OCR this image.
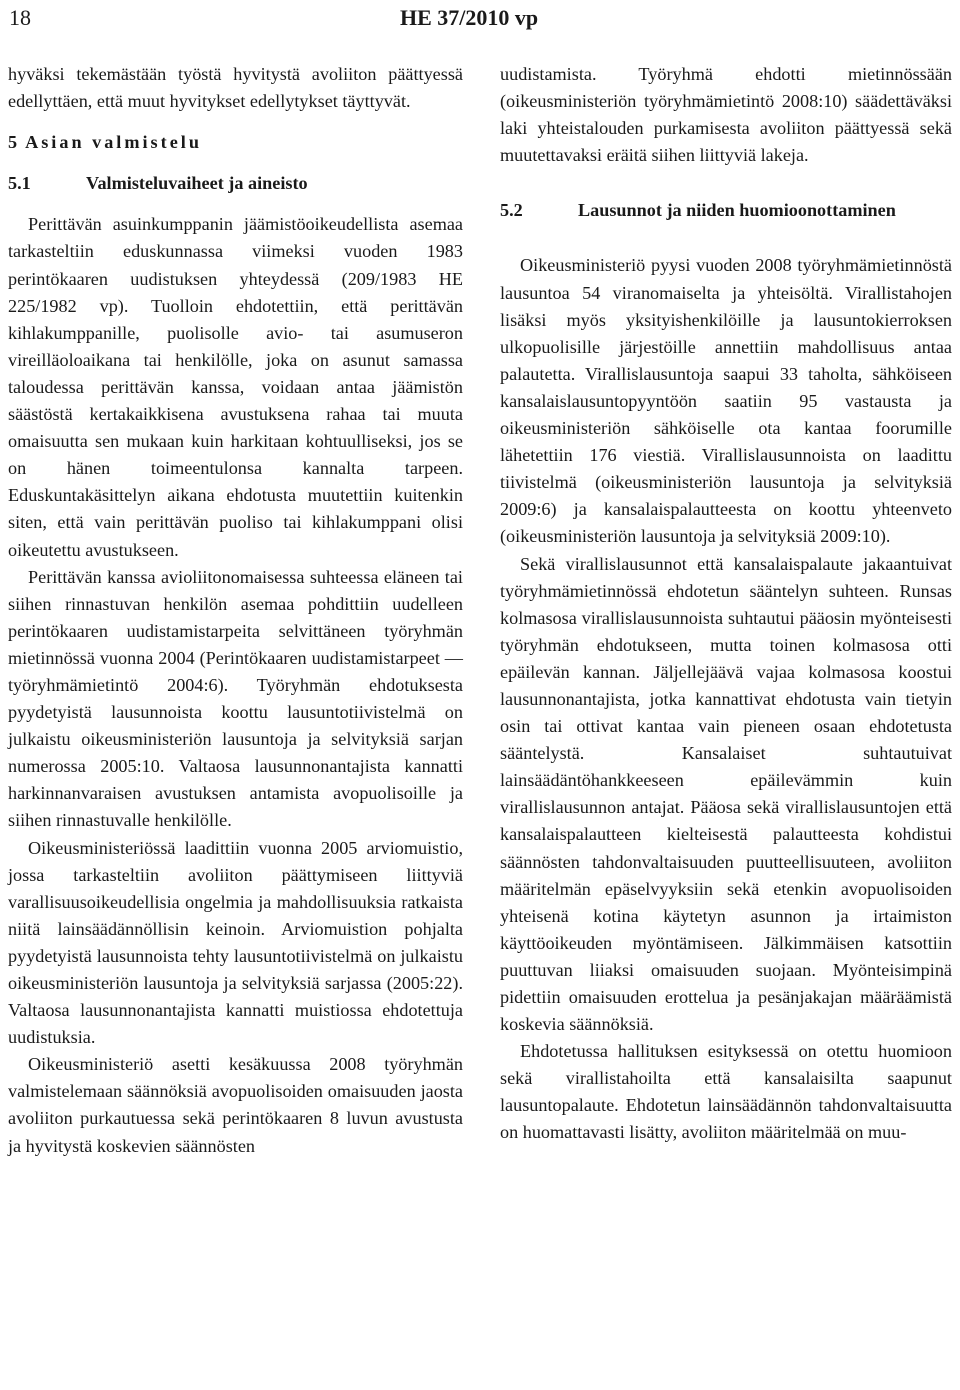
18	HE 37/2010 vp

hyväksi tekemästään työstä hyvitystä avoliiton päättyessä edellyttäen, että muut hyvitykset edellytykset täyttyvät.

5 Asian valmistelu
5.1	Valmisteluvaiheet ja aineisto

Perittävän asuinkumppanin jäämistöoikeudellista asemaa tarkasteltiin eduskunnassa viimeksi vuoden 1983 perintökaaren uudistuksen yhteydessä (209/1983 HE 225/1982 vp). Tuolloin ehdotettiin, että perittävän kihlakumppanille, puolisolle avio- tai asumuseron vireilläoloaikana tai henkilölle, joka on asunut samassa taloudessa perittävän kanssa, voidaan antaa jäämistön säästöstä kertakaikkisena avustuksena rahaa tai muuta omaisuutta sen mukaan kuin harkitaan kohtuulliseksi, jos se on hänen toimeentulonsa kannalta tarpeen. Eduskuntakäsittelyn aikana ehdotusta muutettiin kuitenkin siten, että vain perittävän puoliso tai kihlakumppani olisi oikeutettu avustukseen.

Perittävän kanssa avioliitonomaisessa suhteessa eläneen tai siihen rinnastuvan henkilön asemaa pohdittiin uudelleen perintökaaren uudistamistarpeita selvittäneen työryhmän mietinnössä vuonna 2004 (Perintökaaren uudistamistarpeet — työryhmämietintö 2004:6). Työryhmän ehdotuksesta pyydetyistä lausunnoista koottu lausuntotiivistelmä on julkaistu oikeusministeriön lausuntoja ja selvityksiä sarjan numerossa 2005:10. Valtaosa lausunnonantajista kannatti harkinnanvaraisen avustuksen antamista avopuolisoille ja siihen rinnastuvalle henkilölle.

Oikeusministeriössä laadittiin vuonna 2005 arviomuistio, jossa tarkasteltiin avoliiton päättymiseen liittyviä varallisuusoikeudellisia ongelmia ja mahdollisuuksia ratkaista niitä lainsäädännöllisin keinoin. Arviomuistion pohjalta pyydetyistä lausunnoista tehty lausuntotiivistelmä on julkaistu oikeusministeriön lausuntoja ja selvityksiä sarjassa (2005:22). Valtaosa lausunnonantajista kannatti muistiossa ehdotettuja uudistuksia.

Oikeusministeriö asetti kesäkuussa 2008 työryhmän valmistelemaan säännöksiä avopuolisoiden omaisuuden jaosta avoliiton purkautuessa sekä perintökaaren 8 luvun avustusta ja hyvitystä koskevien säännösten

uudistamista. Työryhmä ehdotti mietinnössään (oikeusministeriön työryhmämietintö 2008:10) säädettäväksi laki yhteistalouden purkamisesta avoliiton päättyessä sekä muutettavaksi eräitä siihen liittyviä lakeja.

5.2	Lausunnot ja niiden huomioonottaminen

Oikeusministeriö pyysi vuoden 2008 työryhmämietinnöstä lausuntoa 54 viranomaiselta ja yhteisöltä. Virallistahojen lisäksi myös yksityishenkilöille ja lausuntokierroksen ulkopuolisille järjestöille annettiin mahdollisuus antaa palautetta. Virallislausuntoja saapui 33 taholta, sähköiseen kansalaislausuntopyyntöön saatiin 95 vastausta ja oikeusministeriön sähköiselle ota kantaa foorumille lähetettiin 176 viestiä. Virallislausunnoista on laadittu tiivistelmä (oikeusministeriön lausuntoja ja selvityksiä 2009:6) ja kansalaispalautteesta on koottu yhteenveto (oikeusministeriön lausuntoja ja selvityksiä 2009:10).

Sekä virallislausunnot että kansalaispalaute jakaantuivat työryhmämietinnössä ehdotetun sääntelyn suhteen. Runsas kolmasosa virallislausunnoista suhtautui pääosin myönteisesti työryhmän ehdotukseen, mutta toinen kolmasosa otti epäilevän kannan. Jäljellejäävä vajaa kolmasosa koostui lausunnonantajista, jotka kannattivat ehdotusta vain tietyin osin tai ottivat kantaa vain pieneen osaan ehdotetusta sääntelystä. Kansalaiset suhtautuivat lainsäädäntöhankkeeseen epäilevämmin kuin virallislausunnon antajat. Pääosa sekä virallislausuntojen että kansalaispalautteen kielteisestä palautteesta kohdistui säännösten tahdonvaltaisuuden puutteellisuuteen, avoliiton määritelmän epäselvyyksiin sekä etenkin avopuolisoiden yhteisenä kotina käytetyn asunnon ja irtaimiston käyttöoikeuden myöntämiseen. Jälkimmäisen katsottiin puuttuvan liiaksi omaisuuden suojaan. Myönteisimpinä pidettiin omaisuuden erottelua ja pesänjakajan määräämistä koskevia säännöksiä.

Ehdotetussa hallituksen esityksessä on otettu huomioon sekä virallistahoilta että kansalaisilta saapunut lausuntopalaute. Ehdotetun lainsäädännön tahdonvaltaisuutta on huomattavasti lisätty, avoliiton määritelmää on muu-
